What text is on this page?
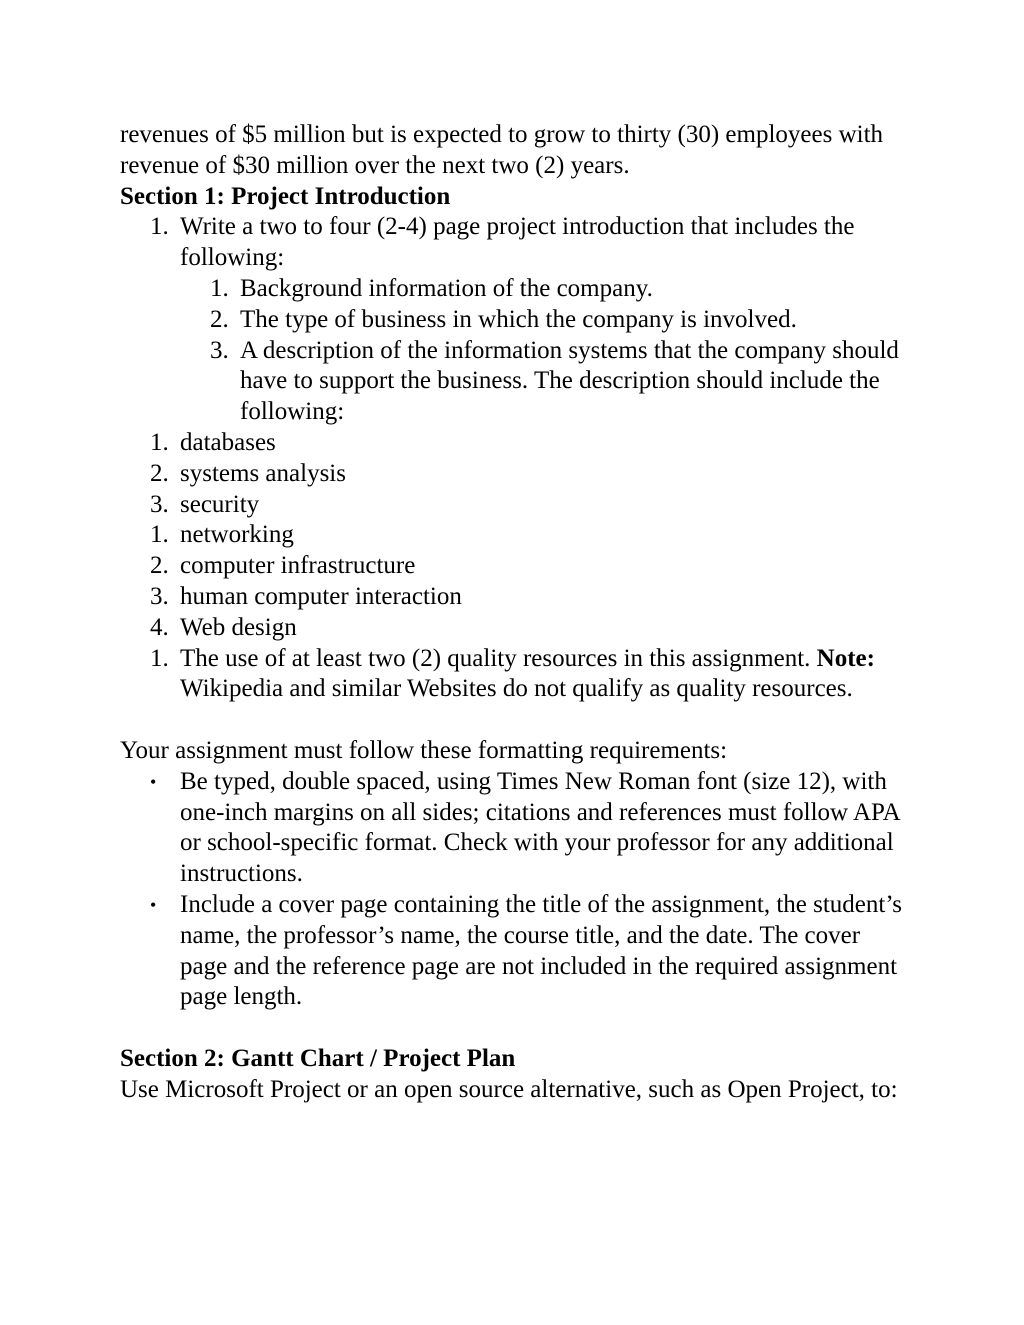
revenues of $5 million but is expected to grow to thirty (30) employees with revenue of $30 million over the next two (2) years.

Section 1: Project Introduction

1. Write a two to four (2-4) page project introduction that includes the following:
1. Background information of the company.
2. The type of business in which the company is involved.
3. A description of the information systems that the company should have to support the business. The description should include the following:
1. databases
2. systems analysis
3. security
1. networking
2. computer infrastructure
3. human computer interaction
4. Web design
1. The use of at least two (2) quality resources in this assignment. Note: Wikipedia and similar Websites do not qualify as quality resources.

Your assignment must follow these formatting requirements:

• Be typed, double spaced, using Times New Roman font (size 12), with one-inch margins on all sides; citations and references must follow APA or school-specific format. Check with your professor for any additional instructions.
• Include a cover page containing the title of the assignment, the student’s name, the professor’s name, the course title, and the date. The cover page and the reference page are not included in the required assignment page length.

Section 2: Gantt Chart / Project Plan

Use Microsoft Project or an open source alternative, such as Open Project, to:
